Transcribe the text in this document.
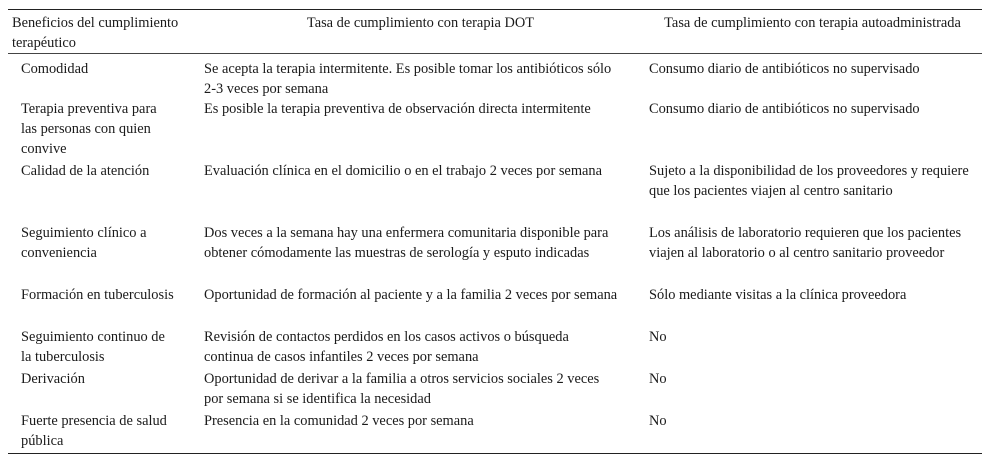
Beneficios del cumplimiento terapéutico	Tasa de cumplimiento con terapia DOT	Tasa de cumplimiento con terapia autoadministrada
Comodidad	Se acepta la terapia intermitente. Es posible tomar los antibióticos sólo 2-3 veces por semana	Consumo diario de antibióticos no supervisado
Terapia preventiva para las personas con quien convive	Es posible la terapia preventiva de observación directa intermitente	Consumo diario de antibióticos no supervisado
Calidad de la atención	Evaluación clínica en el domicilio o en el trabajo 2 veces por semana	Sujeto a la disponibilidad de los proveedores y requiere que los pacientes viajen al centro sanitario
Seguimiento clínico a conveniencia	Dos veces a la semana hay una enfermera comunitaria disponible para obtener cómodamente las muestras de serología y esputo indicadas	Los análisis de laboratorio requieren que los pacientes viajen al laboratorio o al centro sanitario proveedor
Formación en tuberculosis	Oportunidad de formación al paciente y a la familia 2 veces por semana	Sólo mediante visitas a la clínica proveedora
Seguimiento continuo de la tuberculosis	Revisión de contactos perdidos en los casos activos o búsqueda continua de casos infantiles 2 veces por semana	No
Derivación	Oportunidad de derivar a la familia a otros servicios sociales 2 veces por semana si se identifica la necesidad	No
Fuerte presencia de salud pública	Presencia en la comunidad 2 veces por semana	No
